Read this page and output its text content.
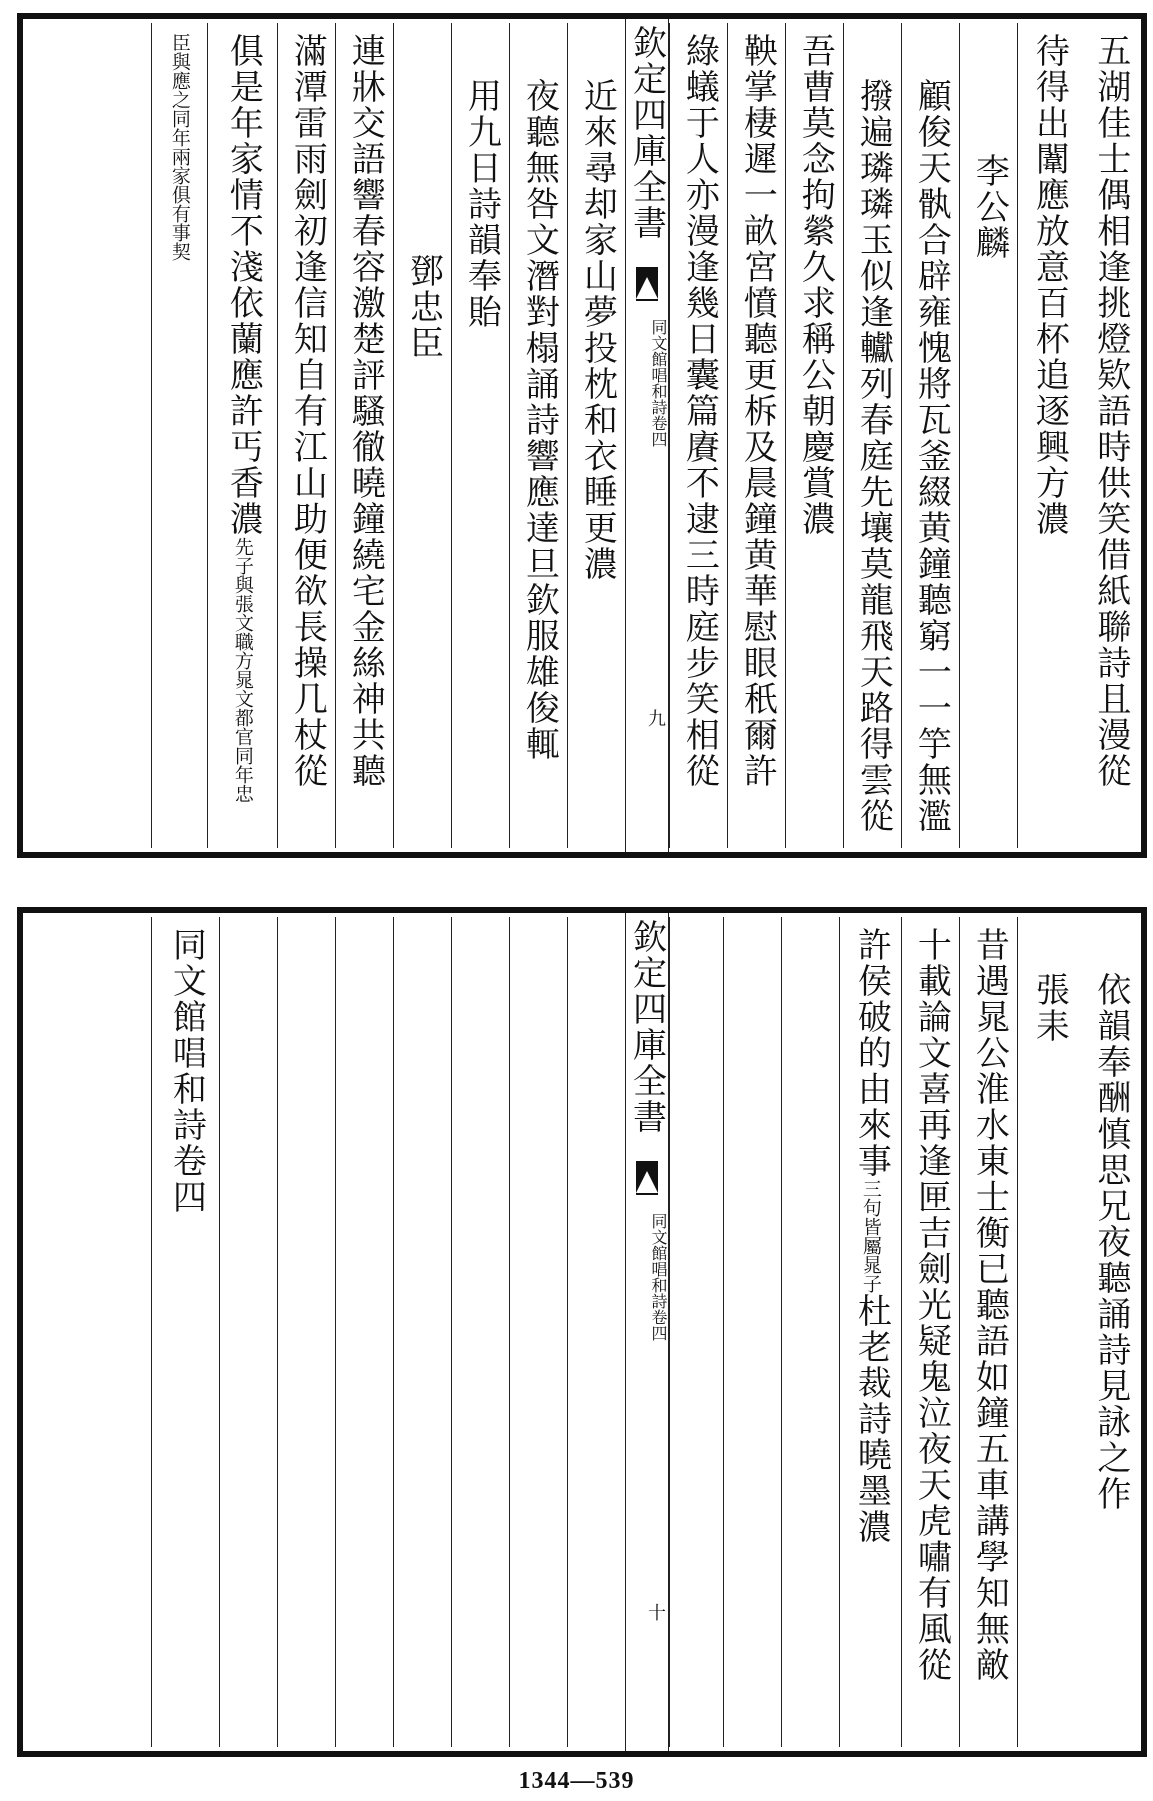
五湖佳士偶相逢挑燈欵語時供笑借紙聯詩且漫從
待得出闈應放意百杯追逐興方濃
李公麟
顧俊天骫合辟雍愧將瓦釜綴黄鐘聽窮一一竽無濫
撥遍璘璘玉似逢䡾列春庭先壤莫龍飛天路得雲從
吾曹莫念拘縈久求稱公朝慶賞濃
鞅掌棲遲一畝宮憤聽更柝及晨鐘黄華慰眼秖爾許
綠蟻于人亦漫逢幾日囊篇賡不逮三時庭步笑相從
欽定四庫全書
同文館唱和詩
卷四
九
近來尋却家山夢投枕和衣睡更濃
夜聽無咎文潛對榻誦詩響應達旦欽服雄俊輒
用九日詩韻奉貽
鄧忠臣
連牀交語響春容激楚評騷徹曉鐘繞宅金絲神共聽
滿潭雷雨劍初逢信知自有江山助便欲長操几杖從
俱是年家情不淺依蘭應許丐香濃
先子與張文職方
晁文都官同年忠
臣與應之同年
兩家俱有事契
依韻奉酬慎思兄夜聽誦詩見詠之作
張耒
昔遇晁公淮水東士衡已聽語如鐘五車講學知無敵
十載論文喜再逢匣吉劍光疑鬼泣夜天虎嘯有風從
許侯破的由來事
三句皆
屬晁子
杜老裁詩曉墨濃
欽定四庫全書
同文館唱和詩
卷四
十
同文館唱和詩卷四
1344—539
